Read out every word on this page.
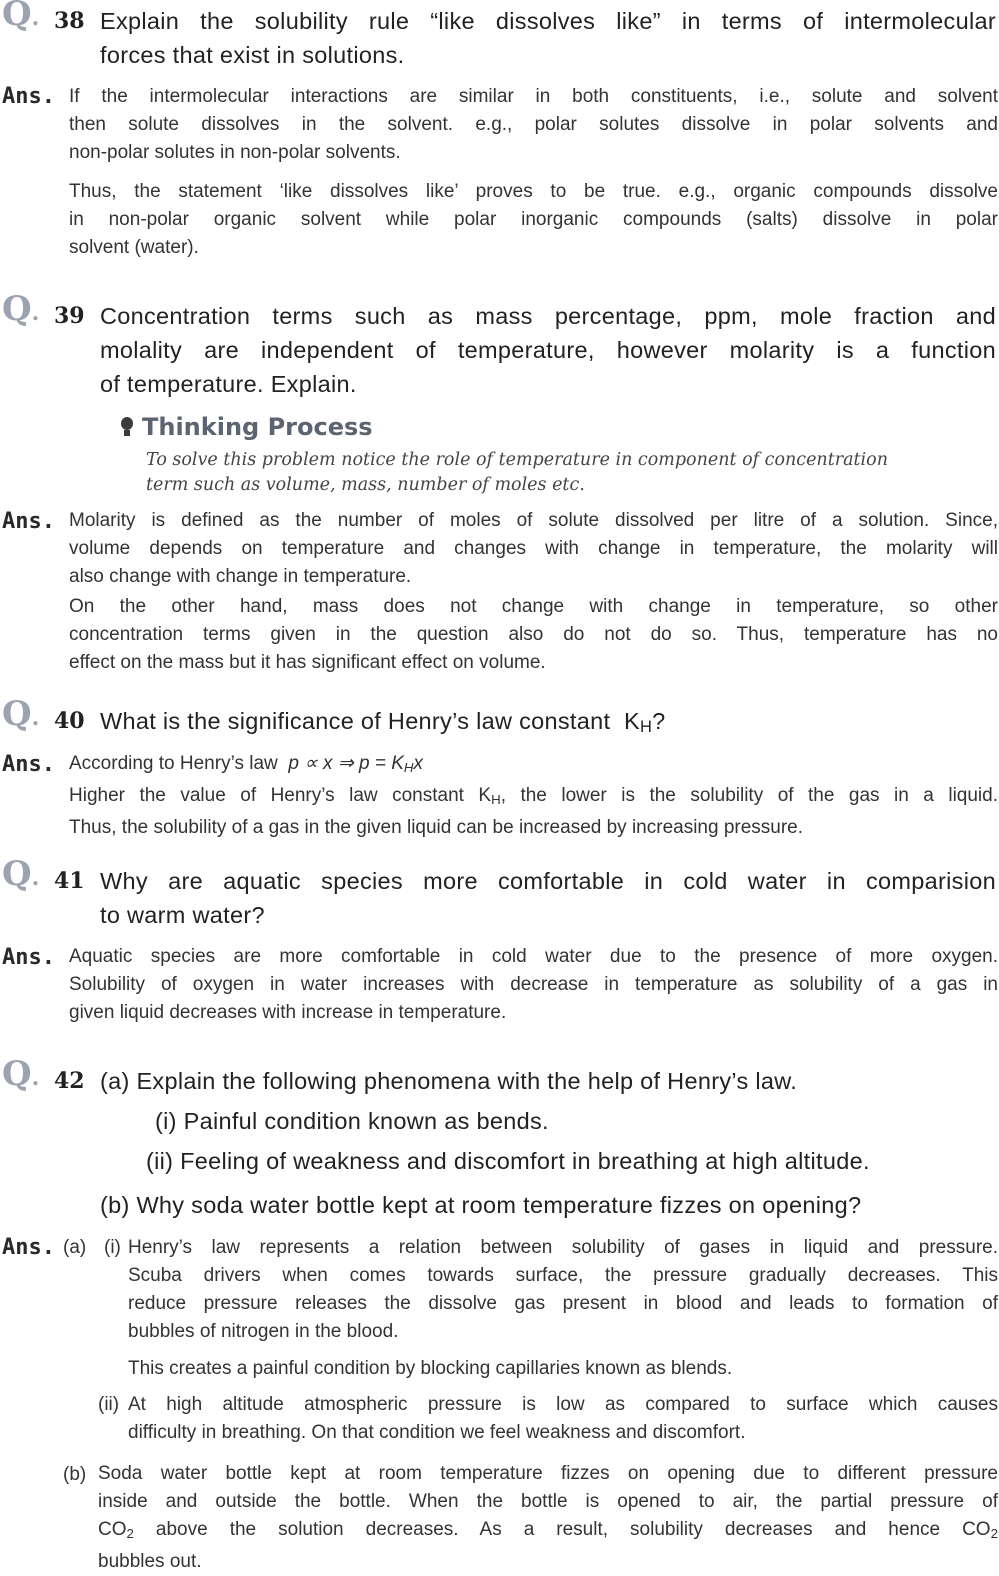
Q. 38 Explain the solubility rule “like dissolves like” in terms of intermolecular
forces that exist in solutions.
Ans. If the intermolecular interactions are similar in both constituents, i.e., solute and solvent
then solute dissolves in the solvent. e.g., polar solutes dissolve in polar solvents and
non-polar solutes in non-polar solvents.
Thus, the statement ‘like dissolves like’ proves to be true. e.g., organic compounds dissolve
in non-polar organic solvent while polar inorganic compounds (salts) dissolve in polar
solvent (water).
Q. 39 Concentration terms such as mass percentage, ppm, mole fraction and
molality are independent of temperature, however molarity is a function
of temperature. Explain.
Thinking Process
To solve this problem notice the role of temperature in component of concentration
term such as volume, mass, number of moles etc.
Ans. Molarity is defined as the number of moles of solute dissolved per litre of a solution. Since,
volume depends on temperature and changes with change in temperature, the molarity will
also change with change in temperature.
On the other hand, mass does not change with change in temperature, so other
concentration terms given in the question also do not do so. Thus, temperature has no
effect on the mass but it has significant effect on volume.
Q. 40 What is the significance of Henry’s law constant KH?
Ans. According to Henry’s law p ∝ x ⇒ $p = K_Hx$
Higher the value of Henry’s law constant $K_H$, the lower is the solubility of the gas in a liquid.
Thus, the solubility of a gas in the given liquid can be increased by increasing pressure.
Q. 41 Why are aquatic species more comfortable in cold water in comparision
to warm water?
Ans. Aquatic species are more comfortable in cold water due to the presence of more oxygen.
Solubility of oxygen in water increases with decrease in temperature as solubility of a gas in
given liquid decreases with increase in temperature.
Q. 42 (a) Explain the following phenomena with the help of Henry’s law.
(i) Painful condition known as bends.
(ii) Feeling of weakness and discomfort in breathing at high altitude.
(b) Why soda water bottle kept at room temperature fizzes on opening?
Ans. (a) (i) Henry’s law represents a relation between solubility of gases in liquid and pressure.
Scuba drivers when comes towards surface, the pressure gradually decreases. This
reduce pressure releases the dissolve gas present in blood and leads to formation of
bubbles of nitrogen in the blood.
This creates a painful condition by blocking capillaries known as blends.
(ii) At high altitude atmospheric pressure is low as compared to surface which causes
difficulty in breathing. On that condition we feel weakness and discomfort.
(b) Soda water bottle kept at room temperature fizzes on opening due to different pressure
inside and outside the bottle. When the bottle is opened to air, the partial pressure of
$CO_2$ above the solution decreases. As a result, solubility decreases and hence $CO_2$
bubbles out.
